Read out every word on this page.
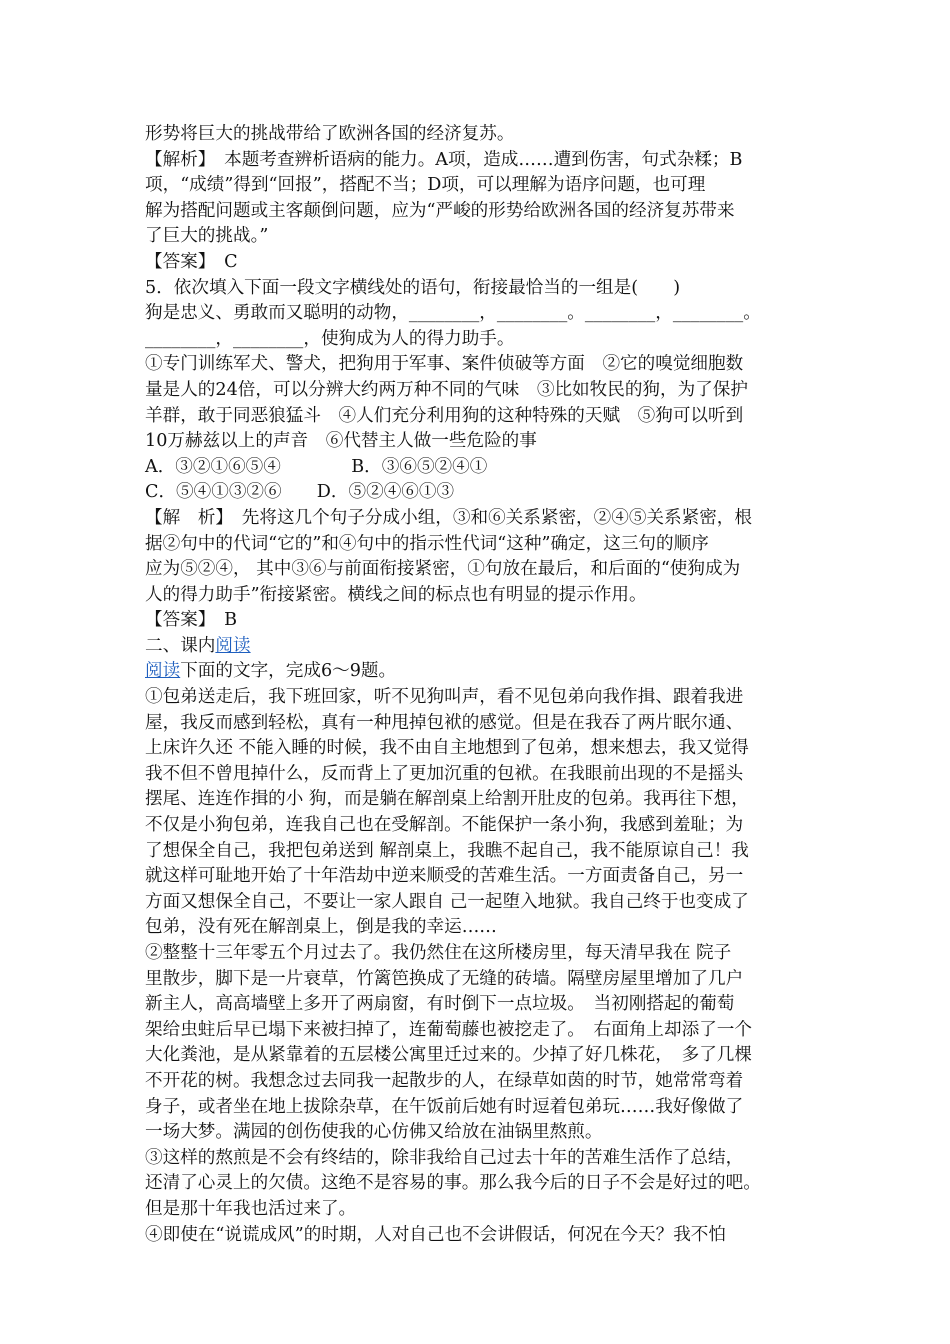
形势将巨大的挑战带给了欧洲各国的经济复苏。
【解析】　本题考查辨析语病的能力。A项，造成……遭到伤害，句式杂糅；B
项，“成绩”得到“回报”，搭配不当；D项，可以理解为语序问题，也可理
解为搭配问题或主客颠倒问题，应为“严峻的形势给欧洲各国的经济复苏带来
了巨大的挑战。”
【答案】　C
5．依次填入下面一段文字横线处的语句，衔接最恰当的一组是(　　)
狗是忠义、勇敢而又聪明的动物，________，________。________，________。
________，________，使狗成为人的得力助手。
①专门训练军犬、警犬，把狗用于军事、案件侦破等方面　②它的嗅觉细胞数
量是人的24倍，可以分辨大约两万种不同的气味　③比如牧民的狗，为了保护
羊群，敢于同恶狼猛斗　④人们充分利用狗的这种特殊的天赋　⑤狗可以听到
10万赫兹以上的声音　⑥代替主人做一些危险的事
A．③②①⑥⑤④　　　　B．③⑥⑤②④①
C．⑤④①③②⑥　　D．⑤②④⑥①③
【解　析】　先将这几个句子分成小组，③和⑥关系紧密，②④⑤关系紧密，根
据②句中的代词“它的”和④句中的指示性代词“这种”确定，这三句的顺序
应为⑤②④， 其中③⑥与前面衔接紧密，①句放在最后，和后面的“使狗成为
人的得力助手”衔接紧密。横线之间的标点也有明显的提示作用。
【答案】　B
二、课内阅读
阅读下面的文字，完成6～9题。
①包弟送走后，我下班回家，听不见狗叫声，看不见包弟向我作揖、跟着我进
屋，我反而感到轻松，真有一种甩掉包袱的感觉。但是在我吞了两片眠尔通、
上床许久还 不能入睡的时候，我不由自主地想到了包弟，想来想去，我又觉得
我不但不曾甩掉什么，反而背上了更加沉重的包袱。在我眼前出现的不是摇头
摆尾、连连作揖的小 狗，而是躺在解剖桌上给割开肚皮的包弟。我再往下想，
不仅是小狗包弟，连我自己也在受解剖。不能保护一条小狗，我感到羞耻；为
了想保全自己，我把包弟送到 解剖桌上，我瞧不起自己，我不能原谅自己！我
就这样可耻地开始了十年浩劫中逆来顺受的苦难生活。一方面责备自己，另一
方面又想保全自己，不要让一家人跟自 己一起堕入地狱。我自己终于也变成了
包弟，没有死在解剖桌上，倒是我的幸运……
②整整十三年零五个月过去了。我仍然住在这所楼房里，每天清早我在 院子
里散步，脚下是一片衰草，竹篱笆换成了无缝的砖墙。隔壁房屋里增加了几户
新主人，高高墙壁上多开了两扇窗，有时倒下一点垃圾。　当初刚搭起的葡萄
架给虫蛀后早已塌下来被扫掉了，连葡萄藤也被挖走了。　右面角上却添了一个
大化粪池，是从紧靠着的五层楼公寓里迁过来的。少掉了好几株花，　多了几棵
不开花的树。我想念过去同我一起散步的人，在绿草如茵的时节，她常常弯着
身子，或者坐在地上拔除杂草，在午饭前后她有时逗着包弟玩……我好像做了
一场大梦。满园的创伤使我的心仿佛又给放在油锅里熬煎。
③这样的熬煎是不会有终结的，除非我给自己过去十年的苦难生活作了总结，
还清了心灵上的欠债。这绝不是容易的事。那么我今后的日子不会是好过的吧。
但是那十年我也活过来了。
④即使在“说谎成风”的时期，人对自己也不会讲假话，何况在今天？我不怕
